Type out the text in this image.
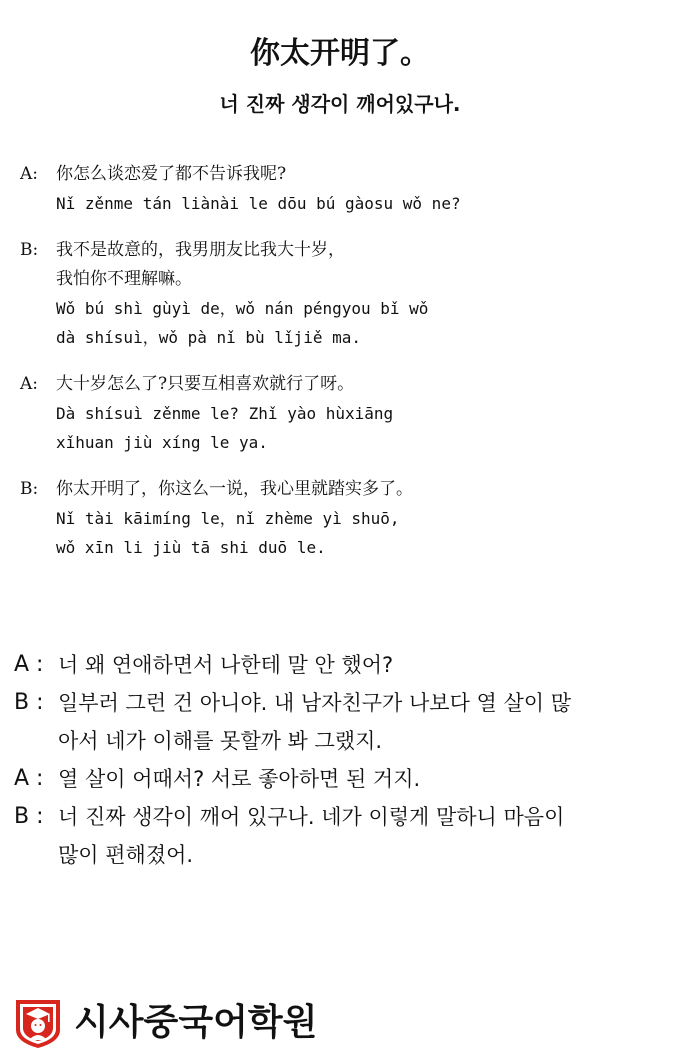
你太开明了。
너 진짜 생각이 깨어있구나.
A:	你怎么谈恋爱了都不告诉我呢?
Nǐ zěnme tán liànài le dōu bú gàosu wǒ ne?
B:	我不是故意的，我男朋友比我大十岁，
我怕你不理解嘛。
Wǒ bú shì gùyì de，wǒ nán péngyou bǐ wǒ
dà shísuì，wǒ pà nǐ bù lǐjiě ma.
A:	大十岁怎么了?只要互相喜欢就行了呀。
Dà shísuì zěnme le? Zhǐ yào hùxiāng
xǐhuan jiù xíng le ya.
B:	你太开明了，你这么一说，我心里就踏实多了。
Nǐ tài kāimíng le，nǐ zhème yì shuō,
wǒ xīn li jiù tā shi duō le.
A : 너 왜 연애하면서 나한테 말 안 했어?
B : 일부러 그런 건 아니야. 내 남자친구가 나보다 열 살이 많
아서 네가 이해를 못할까 봐 그랬지.
A : 열 살이 어때서? 서로 좋아하면 된 거지.
B : 너 진짜 생각이 깨어 있구나. 네가 이렇게 말하니 마음이
많이 편해졌어.
시사중국어학원
